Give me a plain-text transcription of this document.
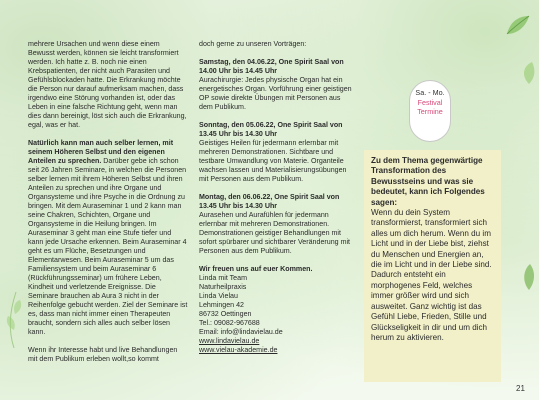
mehrere Ursachen und wenn diese einem Bewusst werden, können sie leicht transformiert werden. Ich hatte z. B. noch nie einen Krebspatienten, der nicht auch Parasiten und Gefühlsblockaden hatte. Die Erkrankung möchte die Person nur darauf aufmerksam machen, dass irgendwo eine Störung vorhanden ist, oder das Leben in eine falsche Richtung geht, wenn man dies dann bereinigt, löst sich auch die Erkrankung, egal, was er hat.

Natürlich kann man auch selber lernen, mit seinem Höheren Selbst und den eigenen Anteilen zu sprechen. Darüber gebe ich schon seit 26 Jahren Seminare, in welchen die Personen selber lernen mit ihrem Höheren Selbst und ihren Anteilen zu sprechen und ihre Organe und Organsysteme und ihre Psyche in die Ordnung zu bringen. Mit dem Auraseminar 1 und 2 kann man seine Chakren, Schichten, Organe und Organsysteme in die Heilung bringen. Im Auraseminar 3 geht man eine Stufe tiefer und kann jede Ursache erkennen. Beim Auraseminar 4 geht es um Flüche, Besetzungen und Elementarwesen. Beim Auraseminar 5 um das Familiensystem und beim Auraseminar 6 (Rückführungsseminar) um frühere Leben, Kindheit und verletzende Ereignisse. Die Seminare brauchen ab Aura 3 nicht in der Reihenfolge gebucht werden. Ziel der Seminare ist es, dass man nicht immer einen Therapeuten braucht, sondern sich alles auch selber lösen kann.

Wenn ihr Interesse habt und live Behandlungen mit dem Publikum erleben wollt,so kommt

doch gerne zu unseren Vorträgen:

Samstag, den 04.06.22, One Spirit Saal von 14.00 Uhr bis 14.45 Uhr
Aurachirurgie: Jedes physische Organ hat ein energetisches Organ. Vorführung einer geistigen OP sowie direkte Übungen mit Personen aus dem Publikum.

Sonntag, den 05.06.22, One Spirit Saal von 13.45 Uhr bis 14.30 Uhr
Geistiges Heilen für jedermann erlernbar mit mehreren Demonstrationen. Sichtbare und testbare Umwandlung von Materie. Organteile wachsen lassen und Materialisierungsübungen mit Personen aus dem Publikum.

Montag, den 06.06.22, One Spirit Saal von 13.45 Uhr bis 14.30 Uhr
Aurasehen und Aurafühlen für jedermann erlernbar mit mehreren Demonstrationen. Demonstrationen geistiger Behandlungen mit sofort spürbarer und sichtbarer Veränderung mit Personen aus dem Publikum.

Wir freuen uns auf euer Kommen.
Linda mit Team
Naturheilpraxis
Linda Vielau
Lehmingen 42
86732 Oettingen
Tel.: 09082-967688
Email: info@lindavielau.de
www.lindavielau.de
www.vielau-akademie.de

Sa. - Mo.
Festival
Termine
Zu dem Thema gegenwärtige Transformation des Bewusstseins und was sie bedeutet, kann ich Folgendes sagen:
Wenn du dein System transformierst, transformiert sich alles um dich herum. Wenn du im Licht und in der Liebe bist, ziehst du Menschen und Energien an, die im Licht und in der Liebe sind. Dadurch entsteht ein morphogenes Feld, welches immer größer wird und sich ausweitet. Ganz wichtig ist das Gefühl Liebe, Frieden, Stille und Glückseligkeit in dir und um dich herum zu aktivieren.
21
